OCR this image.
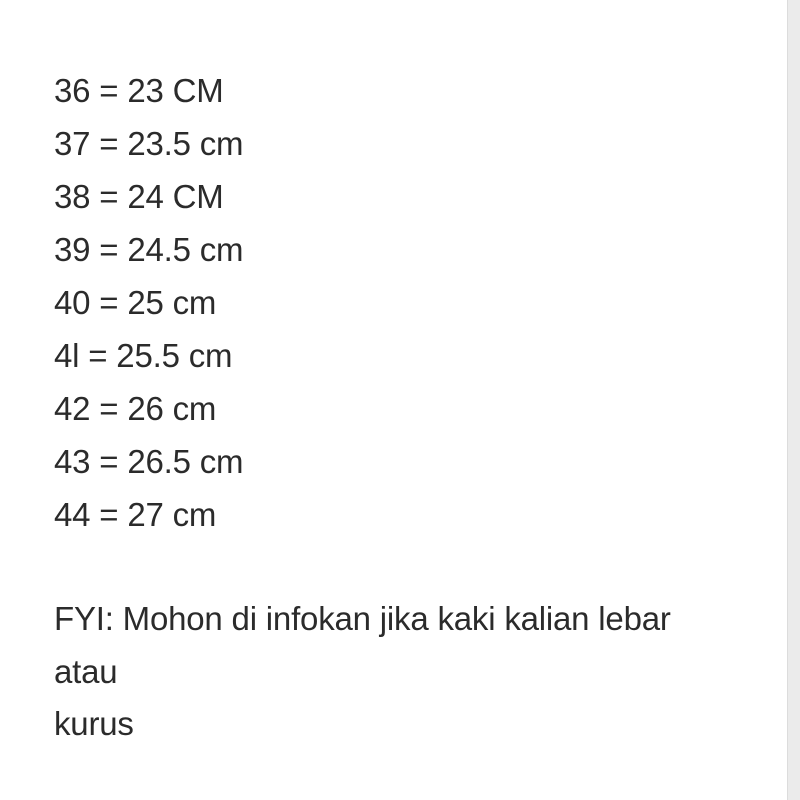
36 = 23 CM
37 = 23.5 cm
38 = 24 CM
39 = 24.5 cm
40 = 25 cm
4l = 25.5 cm
42 = 26 cm
43 = 26.5 cm
44 = 27 cm
FYI: Mohon di infokan jika kaki kalian lebar
atau
kurus
